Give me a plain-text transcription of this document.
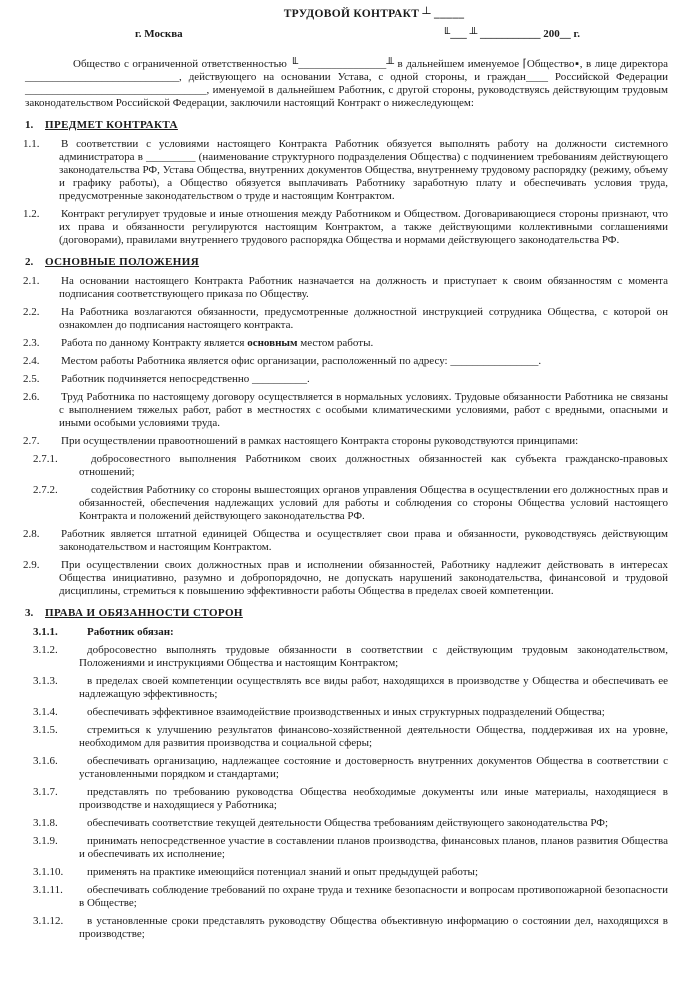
ТРУДОВОЙ КОНТРАКТ ┴ _____
г. Москва	╙___ ╨ ___________ 200__ г.

Общество с ограниченной ответственностью ╙________________╨ в дальнейшем именуемое ⌈Общество▪, в лице директора ____________________________, действующего на основании Устава, с одной стороны, и граждан____ Российской Федерации _________________________________, именуемой в дальнейшем Работник, с другой стороны, руководствуясь действующим трудовым законодательством Российской Федерации, заключили настоящий Контракт о нижеследующем:

1. ПРЕДМЕТ КОНТРАКТА

1.1. В соответствии с условиями настоящего Контракта Работник обязуется выполнять работу на должности системного администратора в _________ (наименование структурного подразделения Общества) с подчинением требованиям действующего законодательства РФ, Устава Общества, внутренних документов Общества, внутреннему трудовому распорядку (режиму, объему и графику работы), а Общество обязуется выплачивать Работнику заработную плату и обеспечивать условия труда, предусмотренные законодательством о труде и настоящим Контрактом.

1.2. Контракт регулирует трудовые и иные отношения между Работником и Обществом. Договаривающиеся стороны признают, что их права и обязанности регулируются настоящим Контрактом, а также действующими коллективными соглашениями (договорами), правилами внутреннего трудового распорядка Общества и нормами действующего законодательства РФ.

2. ОСНОВНЫЕ ПОЛОЖЕНИЯ

2.1. На основании настоящего Контракта Работник назначается на должность и приступает к своим обязанностям с момента подписания соответствующего приказа по Обществу.

2.2. На Работника возлагаются обязанности, предусмотренные должностной инструкцией сотрудника Общества, с которой он ознакомлен до подписания настоящего контракта.

2.3. Работа по данному Контракту является основным местом работы.

2.4. Местом работы Работника является офис организации, расположенный по адресу: ________________.

2.5. Работник подчиняется непосредственно __________.

2.6. Труд Работника по настоящему договору осуществляется в нормальных условиях. Трудовые обязанности Работника не связаны с выполнением тяжелых работ, работ в местностях с особыми климатическими условиями, работ с вредными, опасными и иными особыми условиями труда.

2.7. При осуществлении правоотношений в рамках настоящего Контракта стороны руководствуются принципами:

2.7.1.	добросовестного выполнения Работником своих должностных обязанностей как субъекта гражданско-правовых отношений;

2.7.2.	содействия Работнику со стороны вышестоящих органов управления Общества в осуществлении его должностных прав и обязанностей, обеспечения надлежащих условий для работы и соблюдения со стороны Общества условий настоящего Контракта и положений действующего законодательства РФ.

2.8. Работник является штатной единицей Общества и осуществляет свои права и обязанности, руководствуясь действующим законодательством и настоящим Контрактом.

2.9. При осуществлении своих должностных прав и исполнении обязанностей, Работнику надлежит действовать в интересах Общества инициативно, разумно и добропорядочно, не допускать нарушений законодательства, финансовой и трудовой дисциплины, стремиться к повышению эффективности работы Общества в пределах своей компетенции.

3. ПРАВА И ОБЯЗАННОСТИ СТОРОН

3.1.1.	Работник обязан:

3.1.2.	добросовестно выполнять трудовые обязанности в соответствии с действующим трудовым законодательством, Положениями и инструкциями Общества и настоящим Контрактом;

3.1.3.	в пределах своей компетенции осуществлять все виды работ, находящихся в производстве у Общества и обеспечивать ее надлежащую эффективность;

3.1.4.	обеспечивать эффективное взаимодействие производственных и иных структурных подразделений Общества;

3.1.5.	стремиться к улучшению результатов финансово-хозяйственной деятельности Общества, поддерживая их на уровне, необходимом для развития производства и социальной сферы;

3.1.6.	обеспечивать организацию, надлежащее состояние и достоверность внутренних документов Общества в соответствии с установленными порядком и стандартами;

3.1.7.	представлять по требованию руководства Общества необходимые документы или иные материалы, находящиеся в производстве и находящиеся у Работника;

3.1.8.	обеспечивать соответствие текущей деятельности Общества требованиям действующего законодательства РФ;

3.1.9.	принимать непосредственное участие в составлении планов производства, финансовых планов, планов развития Общества и обеспечивать их исполнение;

3.1.10. применять на практике имеющийся потенциал знаний и опыт предыдущей работы;

3.1.11. обеспечивать соблюдение требований по охране труда и технике безопасности и вопросам противопожарной безопасности в Обществе;

3.1.12. в установленные сроки представлять руководству Общества объективную информацию о состоянии дел, находящихся в производстве;
